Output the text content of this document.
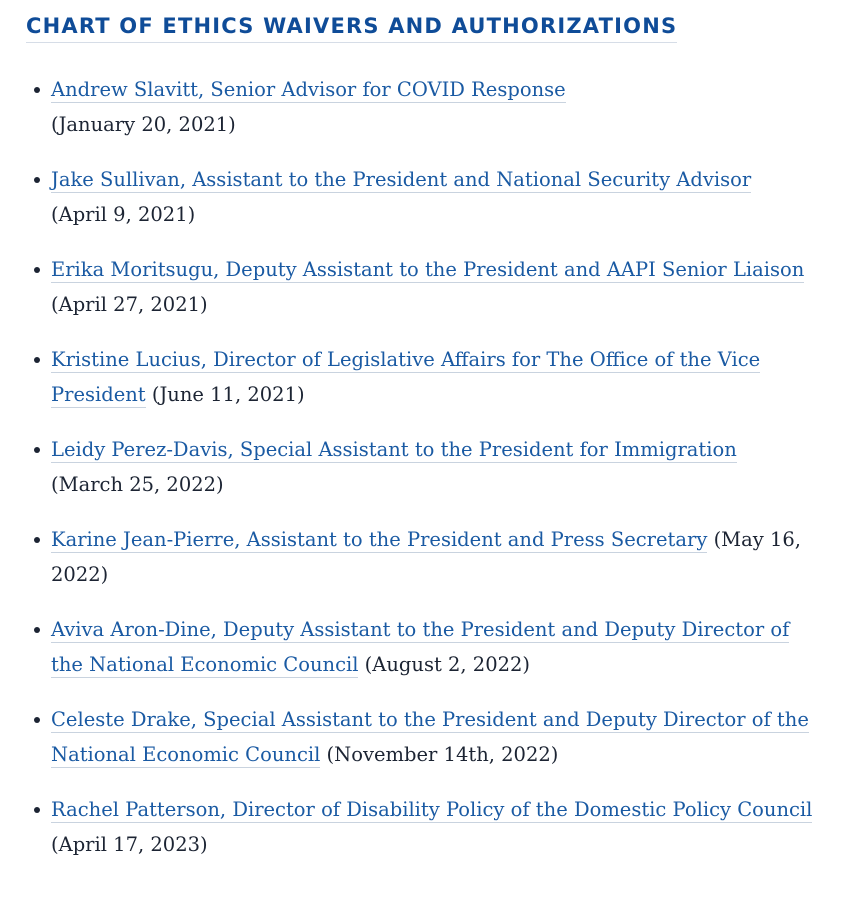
CHART OF ETHICS WAIVERS AND AUTHORIZATIONS
Andrew Slavitt, Senior Advisor for COVID Response
(January 20, 2021)
Jake Sullivan, Assistant to the President and National Security Advisor
(April 9, 2021)
Erika Moritsugu, Deputy Assistant to the President and AAPI Senior Liaison (April 27, 2021)
Kristine Lucius, Director of Legislative Affairs for The Office of the Vice President (June 11, 2021)
Leidy Perez-Davis, Special Assistant to the President for Immigration
(March 25, 2022)
Karine Jean-Pierre, Assistant to the President and Press Secretary (May 16, 2022)
Aviva Aron-Dine, Deputy Assistant to the President and Deputy Director of the National Economic Council (August 2, 2022)
Celeste Drake, Special Assistant to the President and Deputy Director of the National Economic Council (November 14th, 2022)
Rachel Patterson, Director of Disability Policy of the Domestic Policy Council (April 17, 2023)
